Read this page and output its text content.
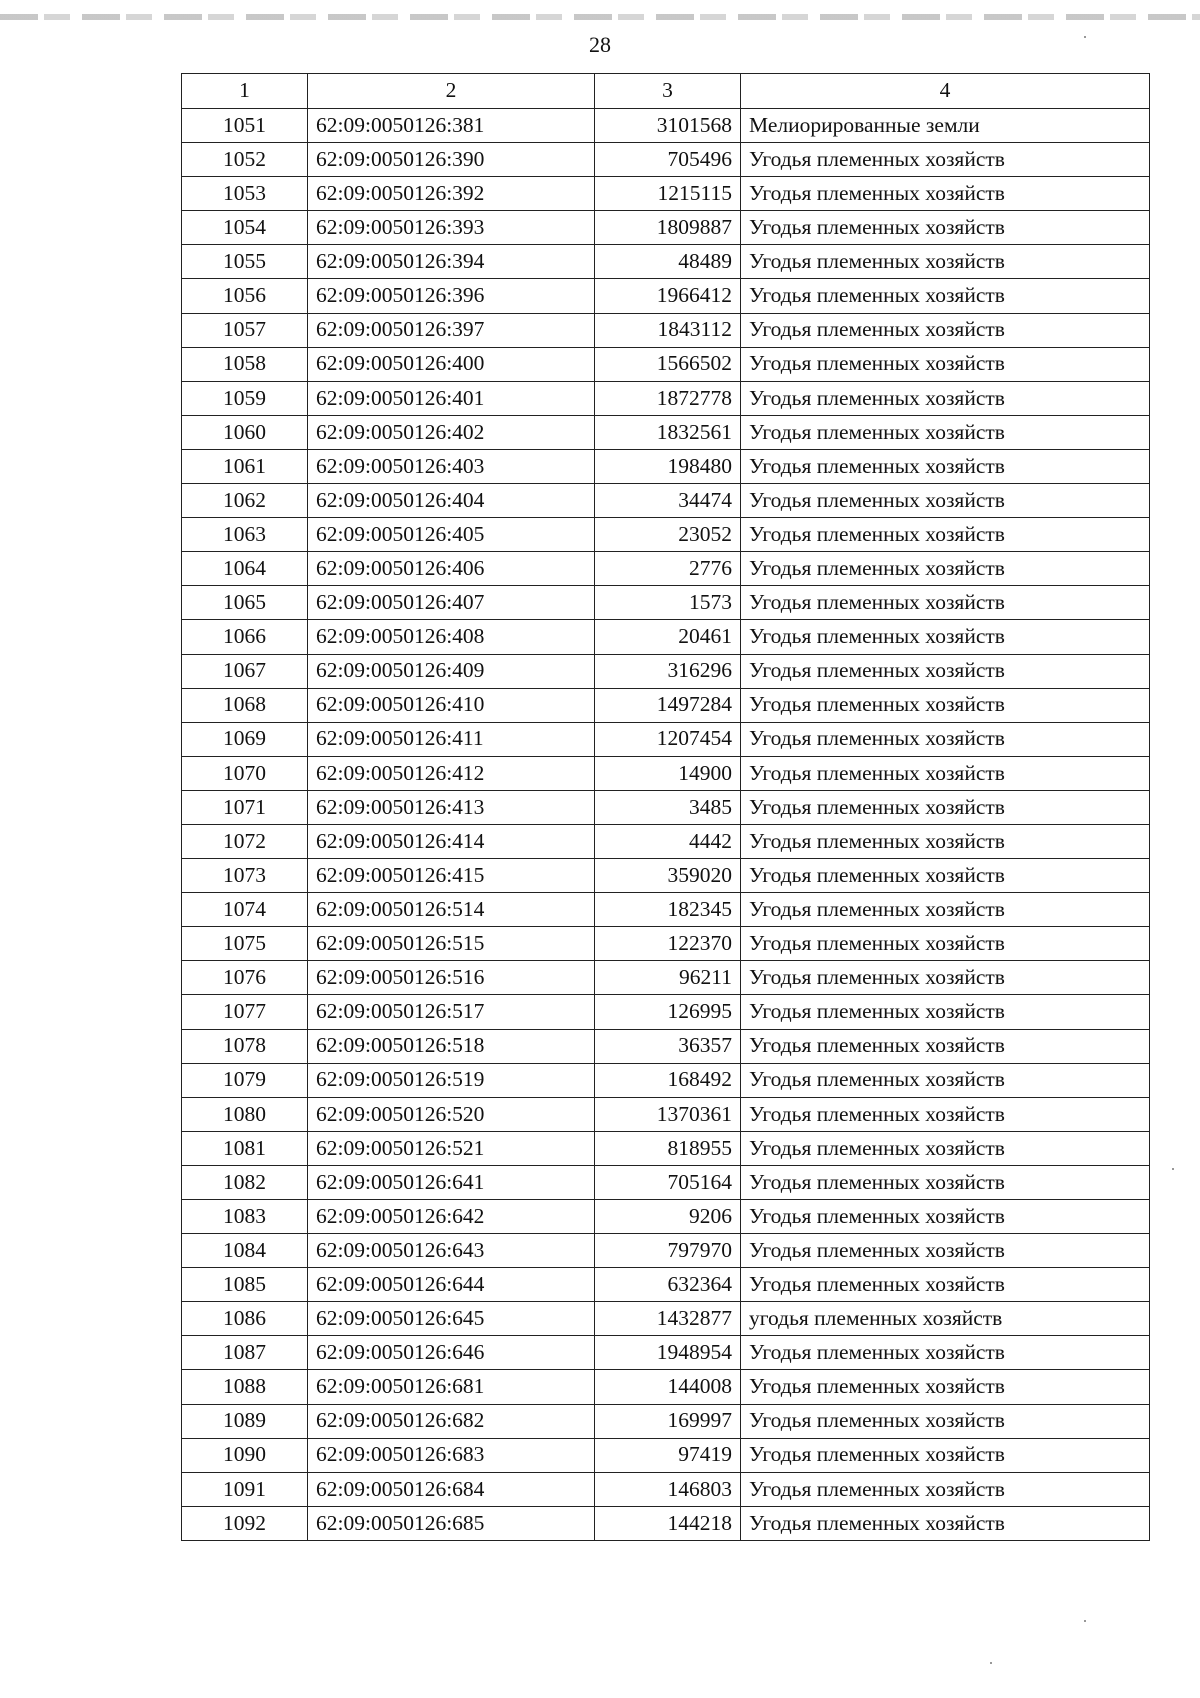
28
1	2	3	4
1051	62:09:0050126:381	3101568	Мелиорированные земли
1052	62:09:0050126:390	705496	Угодья племенных хозяйств
1053	62:09:0050126:392	1215115	Угодья племенных хозяйств
1054	62:09:0050126:393	1809887	Угодья племенных хозяйств
1055	62:09:0050126:394	48489	Угодья племенных хозяйств
1056	62:09:0050126:396	1966412	Угодья племенных хозяйств
1057	62:09:0050126:397	1843112	Угодья племенных хозяйств
1058	62:09:0050126:400	1566502	Угодья племенных хозяйств
1059	62:09:0050126:401	1872778	Угодья племенных хозяйств
1060	62:09:0050126:402	1832561	Угодья племенных хозяйств
1061	62:09:0050126:403	198480	Угодья племенных хозяйств
1062	62:09:0050126:404	34474	Угодья племенных хозяйств
1063	62:09:0050126:405	23052	Угодья племенных хозяйств
1064	62:09:0050126:406	2776	Угодья племенных хозяйств
1065	62:09:0050126:407	1573	Угодья племенных хозяйств
1066	62:09:0050126:408	20461	Угодья племенных хозяйств
1067	62:09:0050126:409	316296	Угодья племенных хозяйств
1068	62:09:0050126:410	1497284	Угодья племенных хозяйств
1069	62:09:0050126:411	1207454	Угодья племенных хозяйств
1070	62:09:0050126:412	14900	Угодья племенных хозяйств
1071	62:09:0050126:413	3485	Угодья племенных хозяйств
1072	62:09:0050126:414	4442	Угодья племенных хозяйств
1073	62:09:0050126:415	359020	Угодья племенных хозяйств
1074	62:09:0050126:514	182345	Угодья племенных хозяйств
1075	62:09:0050126:515	122370	Угодья племенных хозяйств
1076	62:09:0050126:516	96211	Угодья племенных хозяйств
1077	62:09:0050126:517	126995	Угодья племенных хозяйств
1078	62:09:0050126:518	36357	Угодья племенных хозяйств
1079	62:09:0050126:519	168492	Угодья племенных хозяйств
1080	62:09:0050126:520	1370361	Угодья племенных хозяйств
1081	62:09:0050126:521	818955	Угодья племенных хозяйств
1082	62:09:0050126:641	705164	Угодья племенных хозяйств
1083	62:09:0050126:642	9206	Угодья племенных хозяйств
1084	62:09:0050126:643	797970	Угодья племенных хозяйств
1085	62:09:0050126:644	632364	Угодья племенных хозяйств
1086	62:09:0050126:645	1432877	угодья племенных хозяйств
1087	62:09:0050126:646	1948954	Угодья племенных хозяйств
1088	62:09:0050126:681	144008	Угодья племенных хозяйств
1089	62:09:0050126:682	169997	Угодья племенных хозяйств
1090	62:09:0050126:683	97419	Угодья племенных хозяйств
1091	62:09:0050126:684	146803	Угодья племенных хозяйств
1092	62:09:0050126:685	144218	Угодья племенных хозяйств
